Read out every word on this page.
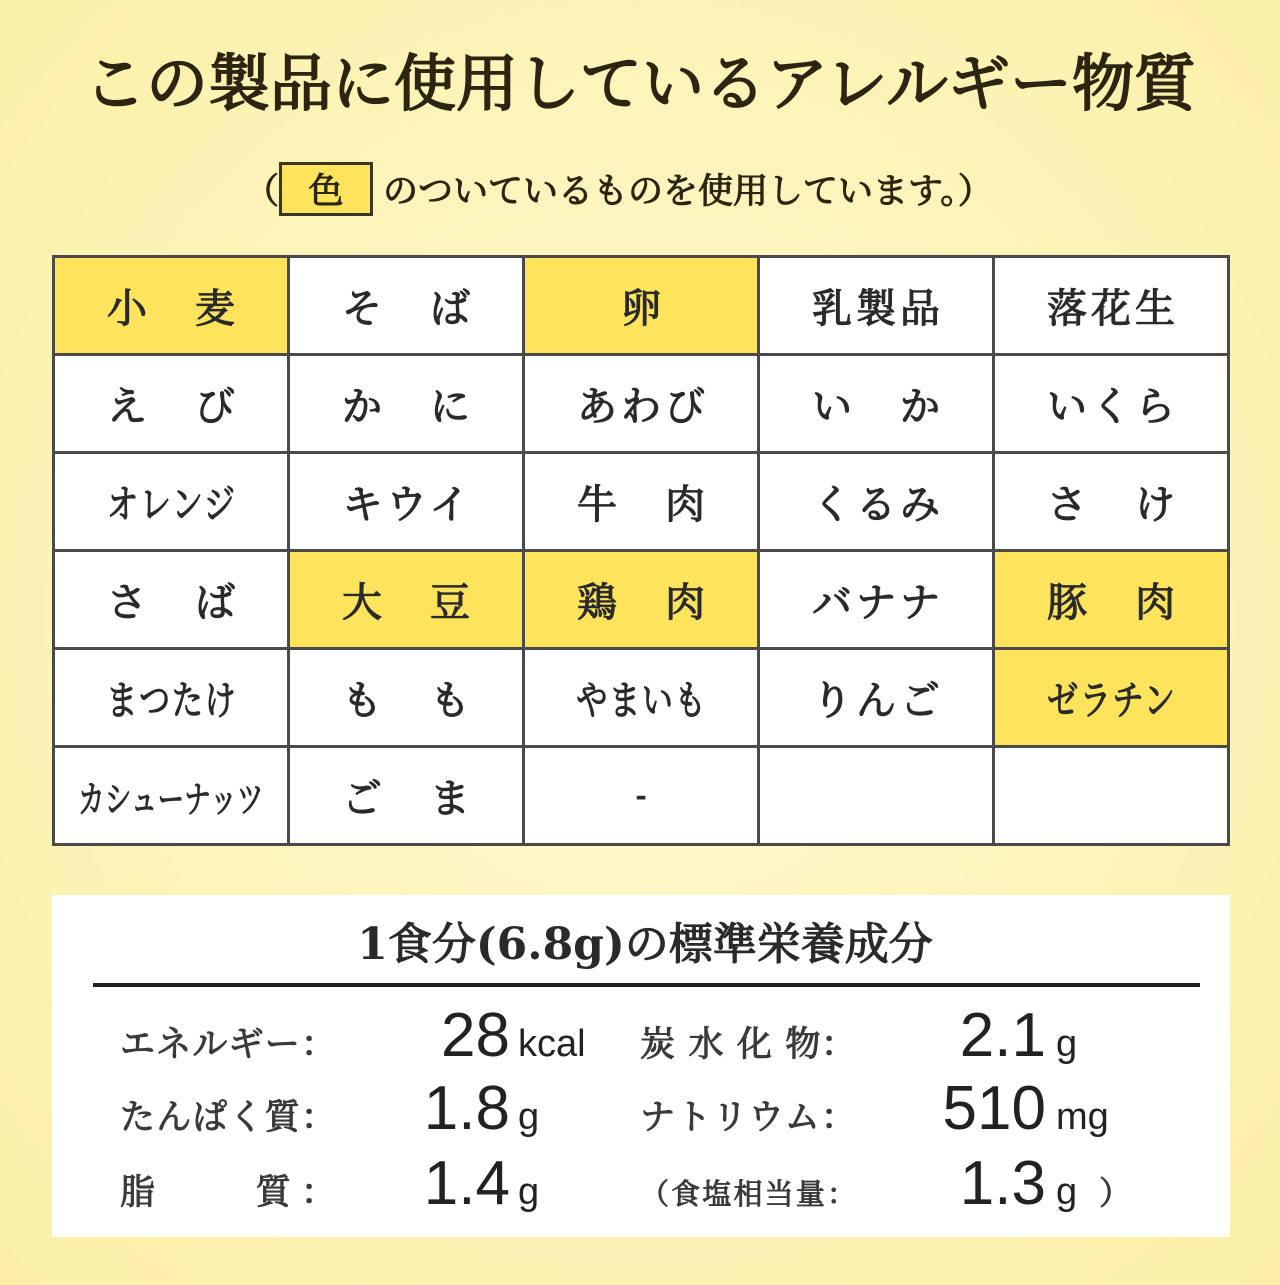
この製品に使用しているアレルギー物質
（ 色 のついているものを使用しています。）
小　麦	そ　ば	卵	乳製品	落花生
え　び	か　に	あわび	い　か	いくら
オレンジ	キウイ	牛　肉	くるみ	さ　け
さ　ば	大　豆	鶏　肉	バナナ	豚　肉
まつたけ	も　も	やまいも	りんご	ゼラチン
カシューナッツ ご　ま	-
1食分(6.8g)の標準栄養成分
エネルギー：	28 kcal 炭 水 化 物：	2.1 g
たんぱく質：	1.8 g	ナトリウム：	510 mg
脂　　質：	1.4 g	（食塩相当量：	1.3 g ）
